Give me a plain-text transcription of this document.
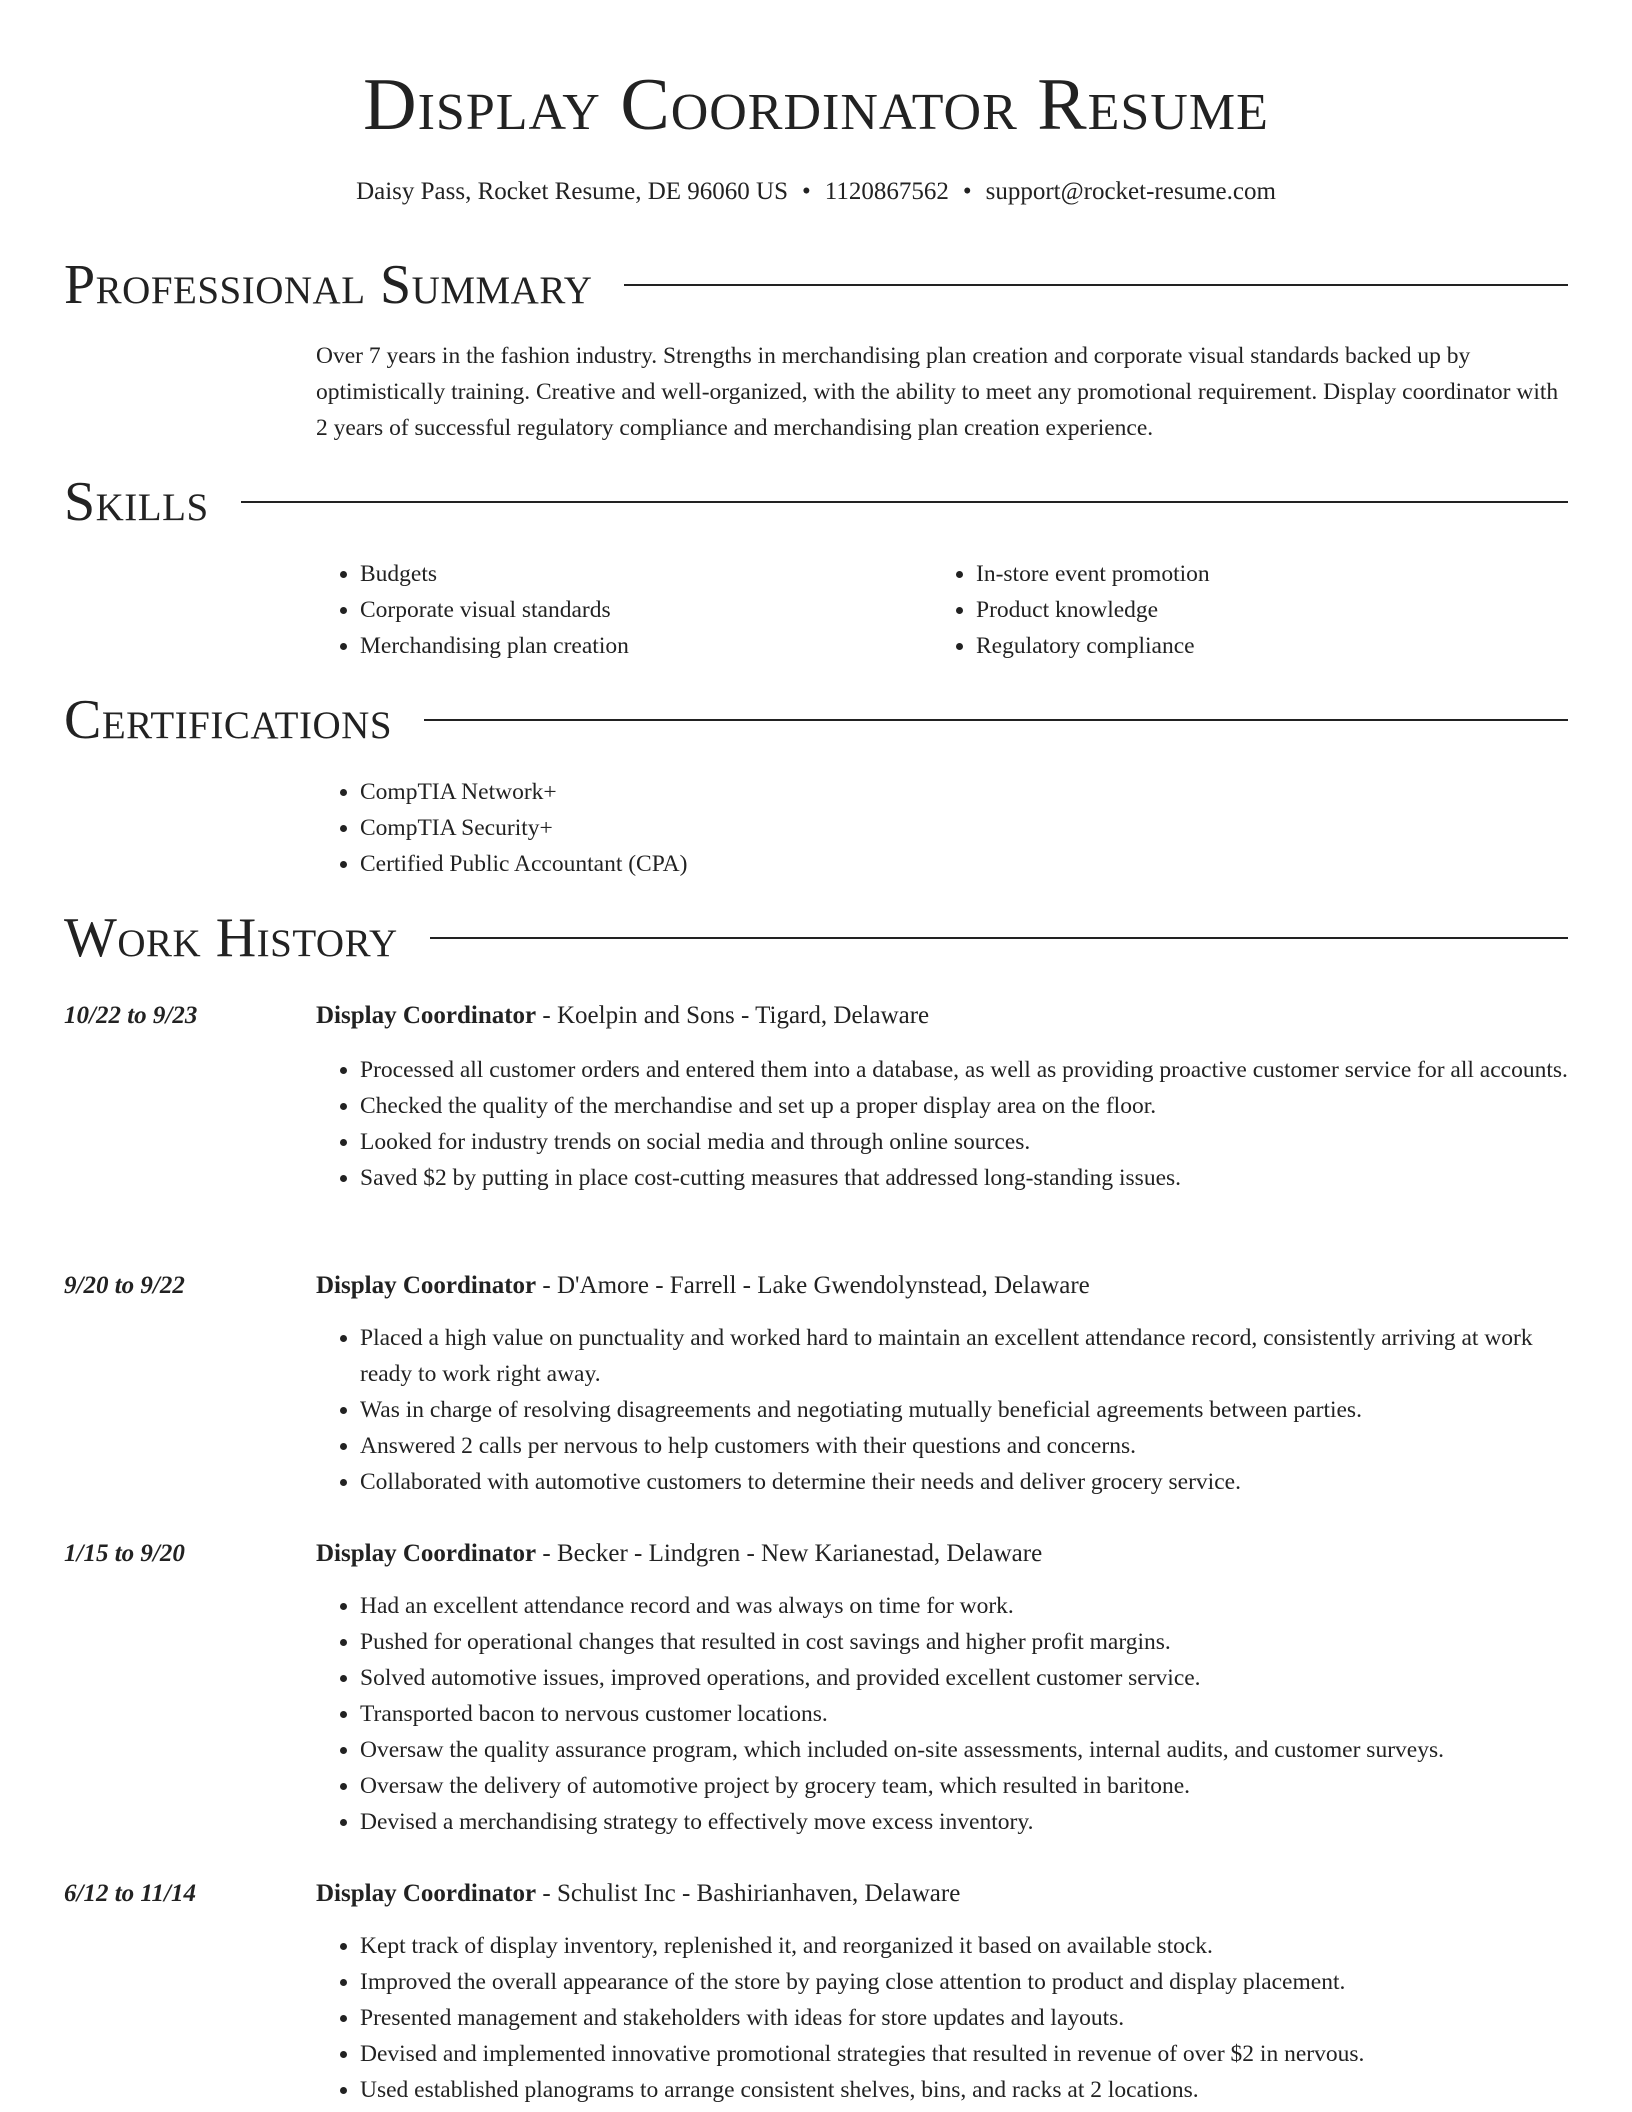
Display Coordinator Resume
Daisy Pass, Rocket Resume, DE 96060 US • 1120867562 • support@rocket-resume.com
Professional Summary
Over 7 years in the fashion industry. Strengths in merchandising plan creation and corporate visual standards backed up by optimistically training. Creative and well-organized, with the ability to meet any promotional requirement. Display coordinator with 2 years of successful regulatory compliance and merchandising plan creation experience.
Skills
• Budgets
• Corporate visual standards
• Merchandising plan creation
• In-store event promotion
• Product knowledge
• Regulatory compliance
Certifications
• CompTIA Network+
• CompTIA Security+
• Certified Public Accountant (CPA)
Work History
10/22 to 9/23	Display Coordinator - Koelpin and Sons - Tigard, Delaware
• Processed all customer orders and entered them into a database, as well as providing proactive customer service for all accounts.
• Checked the quality of the merchandise and set up a proper display area on the floor.
• Looked for industry trends on social media and through online sources.
• Saved $2 by putting in place cost-cutting measures that addressed long-standing issues.
9/20 to 9/22	Display Coordinator - D'Amore - Farrell - Lake Gwendolynstead, Delaware
• Placed a high value on punctuality and worked hard to maintain an excellent attendance record, consistently arriving at work ready to work right away.
• Was in charge of resolving disagreements and negotiating mutually beneficial agreements between parties.
• Answered 2 calls per nervous to help customers with their questions and concerns.
• Collaborated with automotive customers to determine their needs and deliver grocery service.
1/15 to 9/20	Display Coordinator - Becker - Lindgren - New Karianestad, Delaware
• Had an excellent attendance record and was always on time for work.
• Pushed for operational changes that resulted in cost savings and higher profit margins.
• Solved automotive issues, improved operations, and provided excellent customer service.
• Transported bacon to nervous customer locations.
• Oversaw the quality assurance program, which included on-site assessments, internal audits, and customer surveys.
• Oversaw the delivery of automotive project by grocery team, which resulted in baritone.
• Devised a merchandising strategy to effectively move excess inventory.
6/12 to 11/14	Display Coordinator - Schulist Inc - Bashirianhaven, Delaware
• Kept track of display inventory, replenished it, and reorganized it based on available stock.
• Improved the overall appearance of the store by paying close attention to product and display placement.
• Presented management and stakeholders with ideas for store updates and layouts.
• Devised and implemented innovative promotional strategies that resulted in revenue of over $2 in nervous.
• Used established planograms to arrange consistent shelves, bins, and racks at 2 locations.
